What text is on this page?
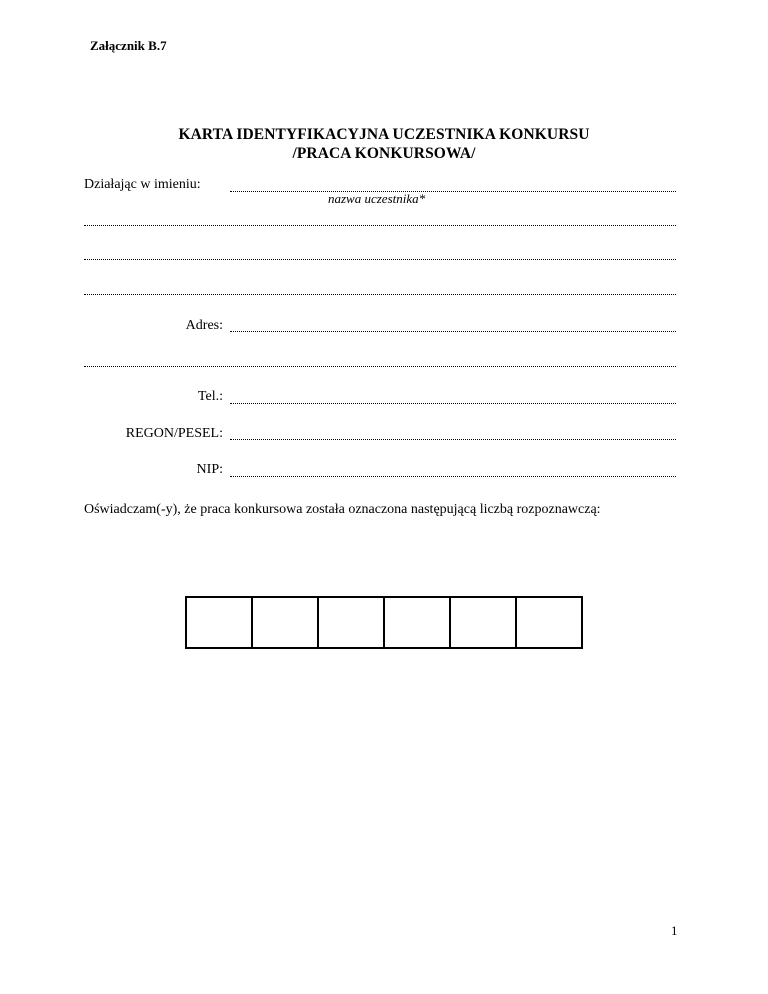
Załącznik B.7
KARTA IDENTYFIKACYJNA UCZESTNIKA KONKURSU
/PRACA KONKURSOWA/
Działając w imieniu:
nazwa uczestnika*
Adres:
Tel.:
REGON/PESEL:
NIP:
Oświadczam(-y), że praca konkursowa została oznaczona następującą liczbą rozpoznawczą:
1
